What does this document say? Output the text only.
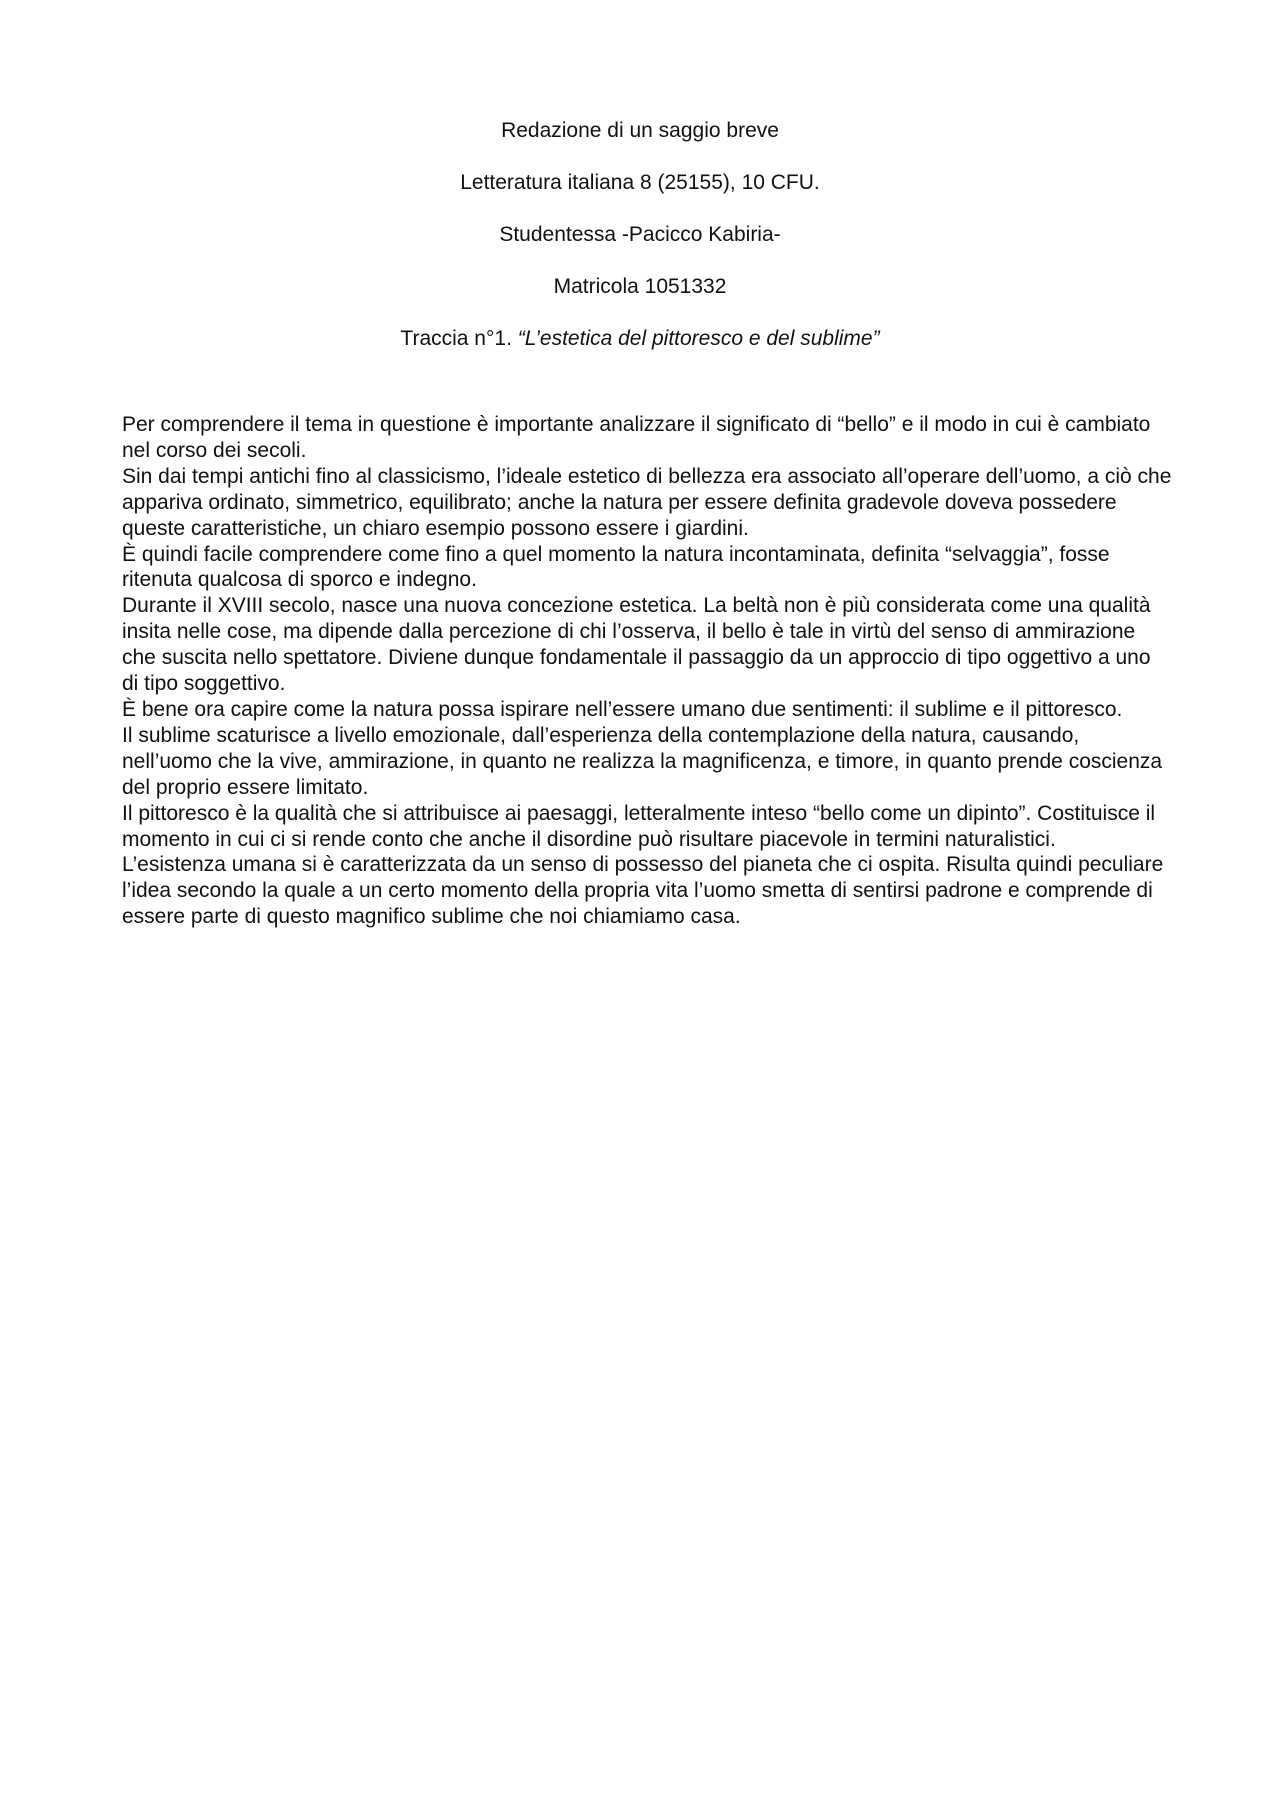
Redazione di un saggio breve

Letteratura italiana 8 (25155), 10 CFU.

Studentessa -Pacicco Kabiria-

Matricola 1051332

Traccia n°1. “L’estetica del pittoresco e del sublime”

Per comprendere il tema in questione è importante analizzare il significato di “bello” e il modo in cui è cambiato nel corso dei secoli.

Sin dai tempi antichi fino al classicismo, l’ideale estetico di bellezza era associato all’operare dell’uomo, a ciò che appariva ordinato, simmetrico, equilibrato; anche la natura per essere definita gradevole doveva possedere queste caratteristiche, un chiaro esempio possono essere i giardini.

È quindi facile comprendere come fino a quel momento la natura incontaminata, definita “selvaggia”, fosse ritenuta qualcosa di sporco e indegno.

Durante il XVIII secolo, nasce una nuova concezione estetica. La beltà non è più considerata come una qualità insita nelle cose, ma dipende dalla percezione di chi l’osserva, il bello è tale in virtù del senso di ammirazione che suscita nello spettatore. Diviene dunque fondamentale il passaggio da un approccio di tipo oggettivo a uno di tipo soggettivo.

È bene ora capire come la natura possa ispirare nell’essere umano due sentimenti: il sublime e il pittoresco.

Il sublime scaturisce a livello emozionale, dall’esperienza della contemplazione della natura, causando, nell’uomo che la vive, ammirazione, in quanto ne realizza la magnificenza, e timore, in quanto prende coscienza del proprio essere limitato.

Il pittoresco è la qualità che si attribuisce ai paesaggi, letteralmente inteso “bello come un dipinto”. Costituisce il momento in cui ci si rende conto che anche il disordine può risultare piacevole in termini naturalistici.

L’esistenza umana si è caratterizzata da un senso di possesso del pianeta che ci ospita. Risulta quindi peculiare l’idea secondo la quale a un certo momento della propria vita l’uomo smetta di sentirsi padrone e comprende di essere parte di questo magnifico sublime che noi chiamiamo casa.
